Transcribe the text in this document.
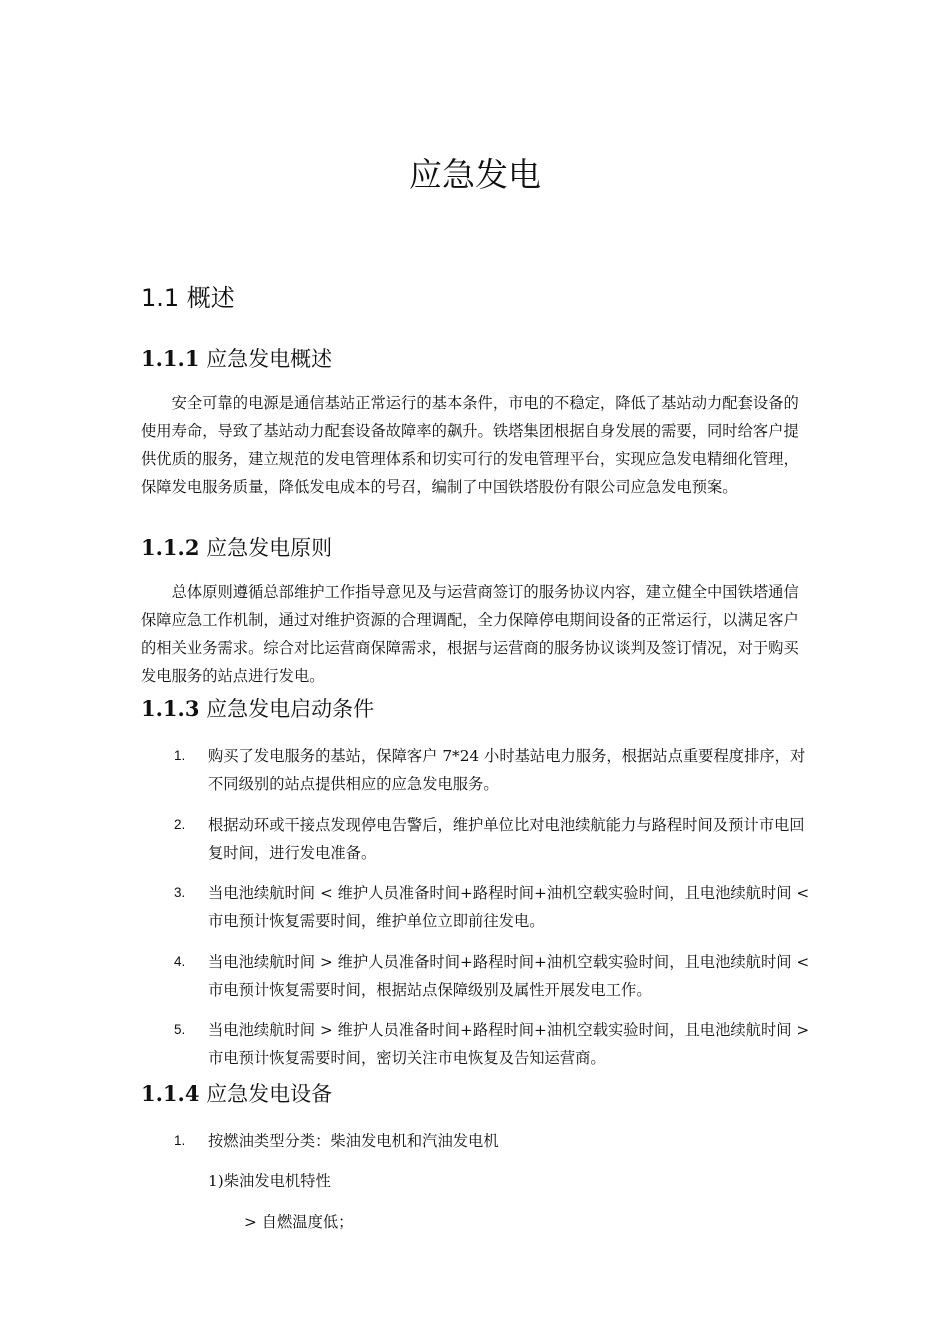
应急发电
1.1 概述
1.1.1 应急发电概述
安全可靠的电源是通信基站正常运行的基本条件，市电的不稳定，降低了基站动力配套设备的使用寿命，导致了基站动力配套设备故障率的飙升。铁塔集团根据自身发展的需要，同时给客户提供优质的服务，建立规范的发电管理体系和切实可行的发电管理平台，实现应急发电精细化管理，保障发电服务质量，降低发电成本的号召，编制了中国铁塔股份有限公司应急发电预案。
1.1.2 应急发电原则
总体原则遵循总部维护工作指导意见及与运营商签订的服务协议内容，建立健全中国铁塔通信保障应急工作机制，通过对维护资源的合理调配，全力保障停电期间设备的正常运行，以满足客户的相关业务需求。综合对比运营商保障需求，根据与运营商的服务协议谈判及签订情况，对于购买发电服务的站点进行发电。
1.1.3 应急发电启动条件
1. 购买了发电服务的基站，保障客户 7*24 小时基站电力服务，根据站点重要程度排序，对不同级别的站点提供相应的应急发电服务。
2. 根据动环或干接点发现停电告警后，维护单位比对电池续航能力与路程时间及预计市电回复时间，进行发电准备。
3. 当电池续航时间 < 维护人员准备时间+路程时间+油机空载实验时间，且电池续航时间 < 市电预计恢复需要时间，维护单位立即前往发电。
4. 当电池续航时间 > 维护人员准备时间+路程时间+油机空载实验时间，且电池续航时间 < 市电预计恢复需要时间，根据站点保障级别及属性开展发电工作。
5. 当电池续航时间 > 维护人员准备时间+路程时间+油机空载实验时间，且电池续航时间 > 市电预计恢复需要时间，密切关注市电恢复及告知运营商。
1.1.4 应急发电设备
1. 按燃油类型分类：柴油发电机和汽油发电机
1)柴油发电机特性
> 自燃温度低；
